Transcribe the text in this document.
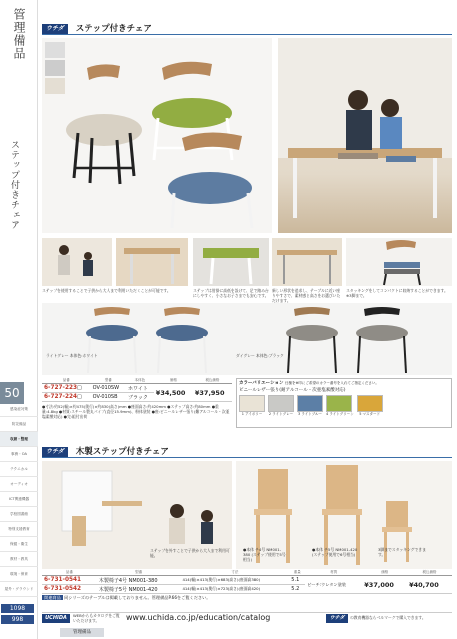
管理備品
ステップ付きチェア
50
感染症対策
防災備品
収納・整理
事務・OA
テクニカル
オーディオ
ICT関連機器
学校図書館
特別支援教育
保健・衛生
教材・教具
環境・保育
屋外・グラウンド
1098
998
ウチダ ステップ付きチェア
ステップを使用することで子供から大人まで利用いただくことが可能です。	ステップは肘掛に高低を設けて、足で踏み台にしやすく、小さなお子さまでも安心です。
新しい形状を追求し、テーブルに近い座りやすさで、素材感と高さをお選びいただけます。
スタッキングをしてコンパクトに収納することができます。※3脚まで。
ライトグレー 本体色:ホワイト	ダイグレー 本体色:ブラック
品番	型番	本体色	価格	税込価格
6-727-223□	OV-010SW	ホワイト	¥34,500	¥37,950
6-727-224□	OV-010SB	ブラック		
●寸法:約52(幅)×約475(奥行)×約830(高さ)mm ●座面高さ:約420mm ●ステップ高さ:約80mm ●重量:4.8kg ●材質:スチール製丸パイプ(直径15.9mm)、粉体塗装 ●座:ビニールレザー張り(難アルコール・次亜塩素酸対応) ●完:組付出荷
カラーバリエーション 仕様を※印にご希望のカラー番号を入れてご指定ください。
ビニールレザー張り(耐アルコール・次亜塩素酸対応)
1 アイボリー	2 ライトグレー 3 ライトブルー 4 ライトグリーン	5 マスタード
ウチダ 木製ステップ付きチェア
ステップを外すことで子供から大人まで利用可能。
●本体 チ4号 NM001-380 (ステップ使用で5号相当)
●本体 チ5号 NM001-420 (ステップ使用で6号相当)
3脚までスタッキングできます。
品番	型番	寸法	重量	材質	価格	税込価格
6-731-0541	木製椅子4号 NM001-380	414(幅)×413(奥行)×683(高さ)(座面高380)	5.1	ビーチ:ウレタン塗装	¥37,000	¥40,700
6-731-0542	木製椅子5号 NM001-420	414(幅)×413(奥行)×723(高さ)(座面高420)	5.2			
関連商品 同シリーズのテーブルは掲載しておりません。管理備品P.66をご覧ください。
UCHIDA	WEBからもカタログをご覧いただけます。	www.uchida.co.jp/education/catalog	ウチダ	の教育機器ならベルマークで購入できます。
管理備品
